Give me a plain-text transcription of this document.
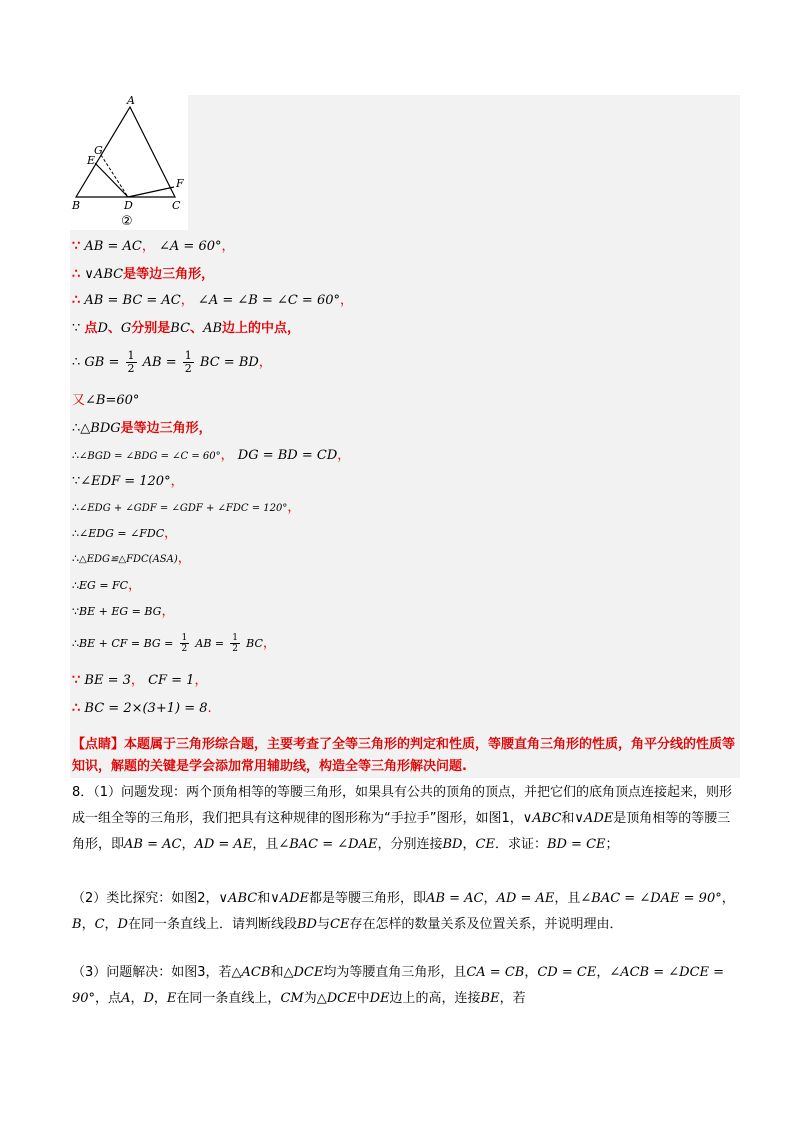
A
G
E
F
B	D	C
②
∵ AB = AC， ∠A = 60°，
∴ ∨ABC是等边三角形，
∴ AB = BC = AC， ∠A = ∠B = ∠C = 60°，
∵ 点D、G分别是BC、AB边上的中点，
∴ GB = $\frac{1}{2}$ AB = $\frac{1}{2}$ BC = BD，
又∠B=60°
∴△BDG是等边三角形，
∴∠BGD = ∠BDG = ∠C = 60°， DG = BD = CD，
∵∠EDF = 120°，
∴∠EDG + ∠GDF = ∠GDF + ∠FDC = 120°，
∴∠EDG = ∠FDC，
∴△EDG≌△FDC(ASA)，
∴EG = FC，
∵BE + EG = BG，
∴BE + CF = BG = $\frac{1}{2}$ AB = $\frac{1}{2}$ BC，
∵ BE = 3， CF = 1，
∴ BC = 2×(3+1) = 8.
【点睛】本题属于三角形综合题，主要考查了全等三角形的判定和性质，等腰直角三角形的性质，角平分线的性质等知识，解题的关键是学会添加常用辅助线，构造全等三角形解决问题.
8．（1）问题发现：两个顶角相等的等腰三角形，如果具有公共的顶角的顶点，并把它们的底角顶点连接起来，则形成一组全等的三角形，我们把具有这种规律的图形称为“手拉手”图形，如图1，∨ABC和∨ADE是顶角相等的等腰三角形，即AB = AC，AD = AE，且∠BAC = ∠DAE，分别连接BD，CE．求证：BD = CE；
（2）类比探究：如图2，∨ABC和∨ADE都是等腰三角形，即AB = AC，AD = AE，且∠BAC = ∠DAE = 90°，B，C，D在同一条直线上．请判断线段BD与CE存在怎样的数量关系及位置关系，并说明理由．
（3）问题解决：如图3，若△ACB和△DCE均为等腰直角三角形，且CA = CB，CD = CE，∠ACB = ∠DCE = 90°，点A，D，E在同一条直线上，CM为△DCE中DE边上的高，连接BE，若
